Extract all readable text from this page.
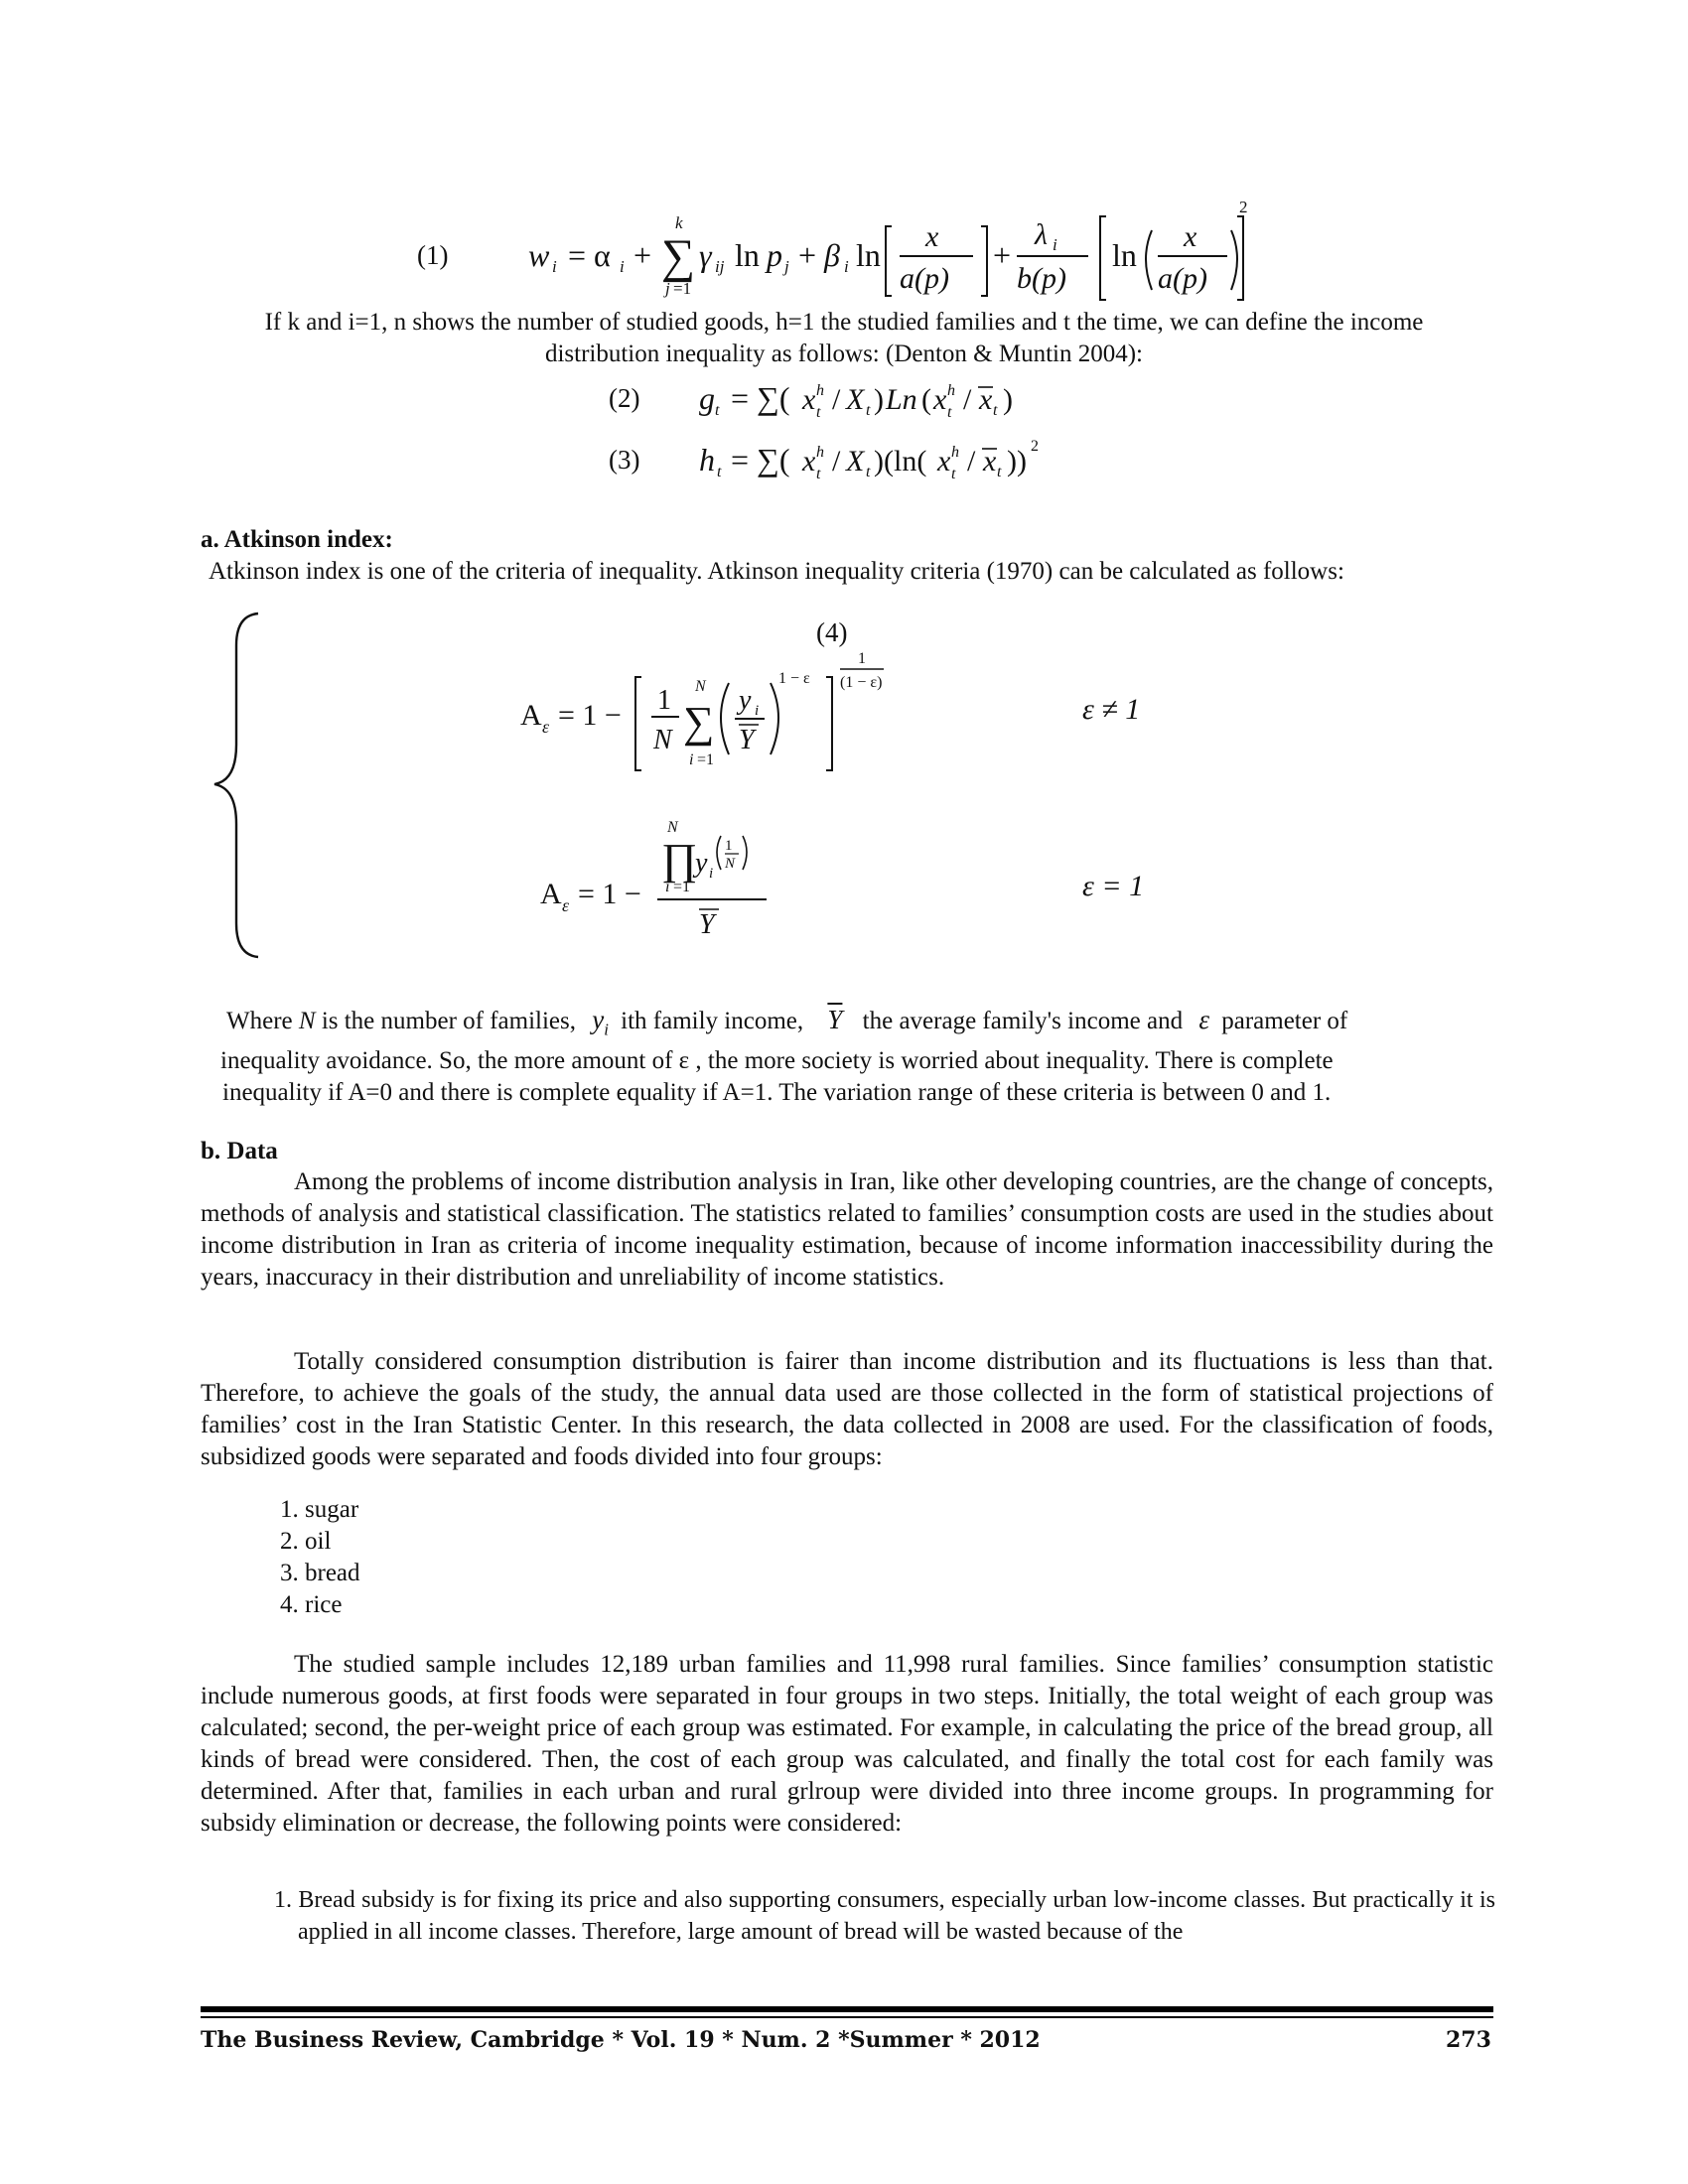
(1)	w i = α i + ∑
k
j =1
γ ij ln p j + β i ln
x
a(p)
+
λ i
b(p)
ln
x
a(p)
2
If k and i=1, n shows the number of studied goods, h=1 the studied families and t the time, we can define the income distribution inequality as follows: (Denton & Muntin 2004):
(2) g t = ∑( x h
t / X t ) Ln ( x h
t / x t )
(3) h t = ∑( x h
t / X t )(ln( x h
t / x t )) 2
a. Atkinson index:
Atkinson index is one of the criteria of inequality. Atkinson inequality criteria (1970) can be calculated as follows:
A ε = 1 − 1
N ∑
N
i =1
y i
Y
1 − ε
1
(1 − ε)
A ε = 1 −
∏
N
i =1
y i
1
N
Y
(4)
ε ≠ 1
ε = 1
Where N is the number of families, $y_i$ ith family income, $\overline{Y}$ the average family's income and ε parameter of
inequality avoidance. So, the more amount of ε , the more society is worried about inequality. There is complete
inequality if A=0 and there is complete equality if A=1. The variation range of these criteria is between 0 and 1.
b. Data
Among the problems of income distribution analysis in Iran, like other developing countries, are the change of concepts, methods of analysis and statistical classification. The statistics related to families’ consumption costs are used in the studies about income distribution in Iran as criteria of income inequality estimation, because of income information inaccessibility during the years, inaccuracy in their distribution and unreliability of income statistics.
Totally considered consumption distribution is fairer than income distribution and its fluctuations is less than that. Therefore, to achieve the goals of the study, the annual data used are those collected in the form of statistical projections of families’ cost in the Iran Statistic Center. In this research, the data collected in 2008 are used. For the classification of foods, subsidized goods were separated and foods divided into four groups:
1. sugar
2. oil
3. bread
4. rice
The studied sample includes 12,189 urban families and 11,998 rural families. Since families’ consumption statistic include numerous goods, at first foods were separated in four groups in two steps. Initially, the total weight of each group was calculated; second, the per-weight price of each group was estimated. For example, in calculating the price of the bread group, all kinds of bread were considered. Then, the cost of each group was calculated, and finally the total cost for each family was determined. After that, families in each urban and rural grlroup were divided into three income groups. In programming for subsidy elimination or decrease, the following points were considered:
1. Bread subsidy is for fixing its price and also supporting consumers, especially urban low-income classes. But practically it is applied in all income classes. Therefore, large amount of bread will be wasted because of the
The Business Review, Cambridge * Vol. 19 * Num. 2 *Summer * 2012	273
